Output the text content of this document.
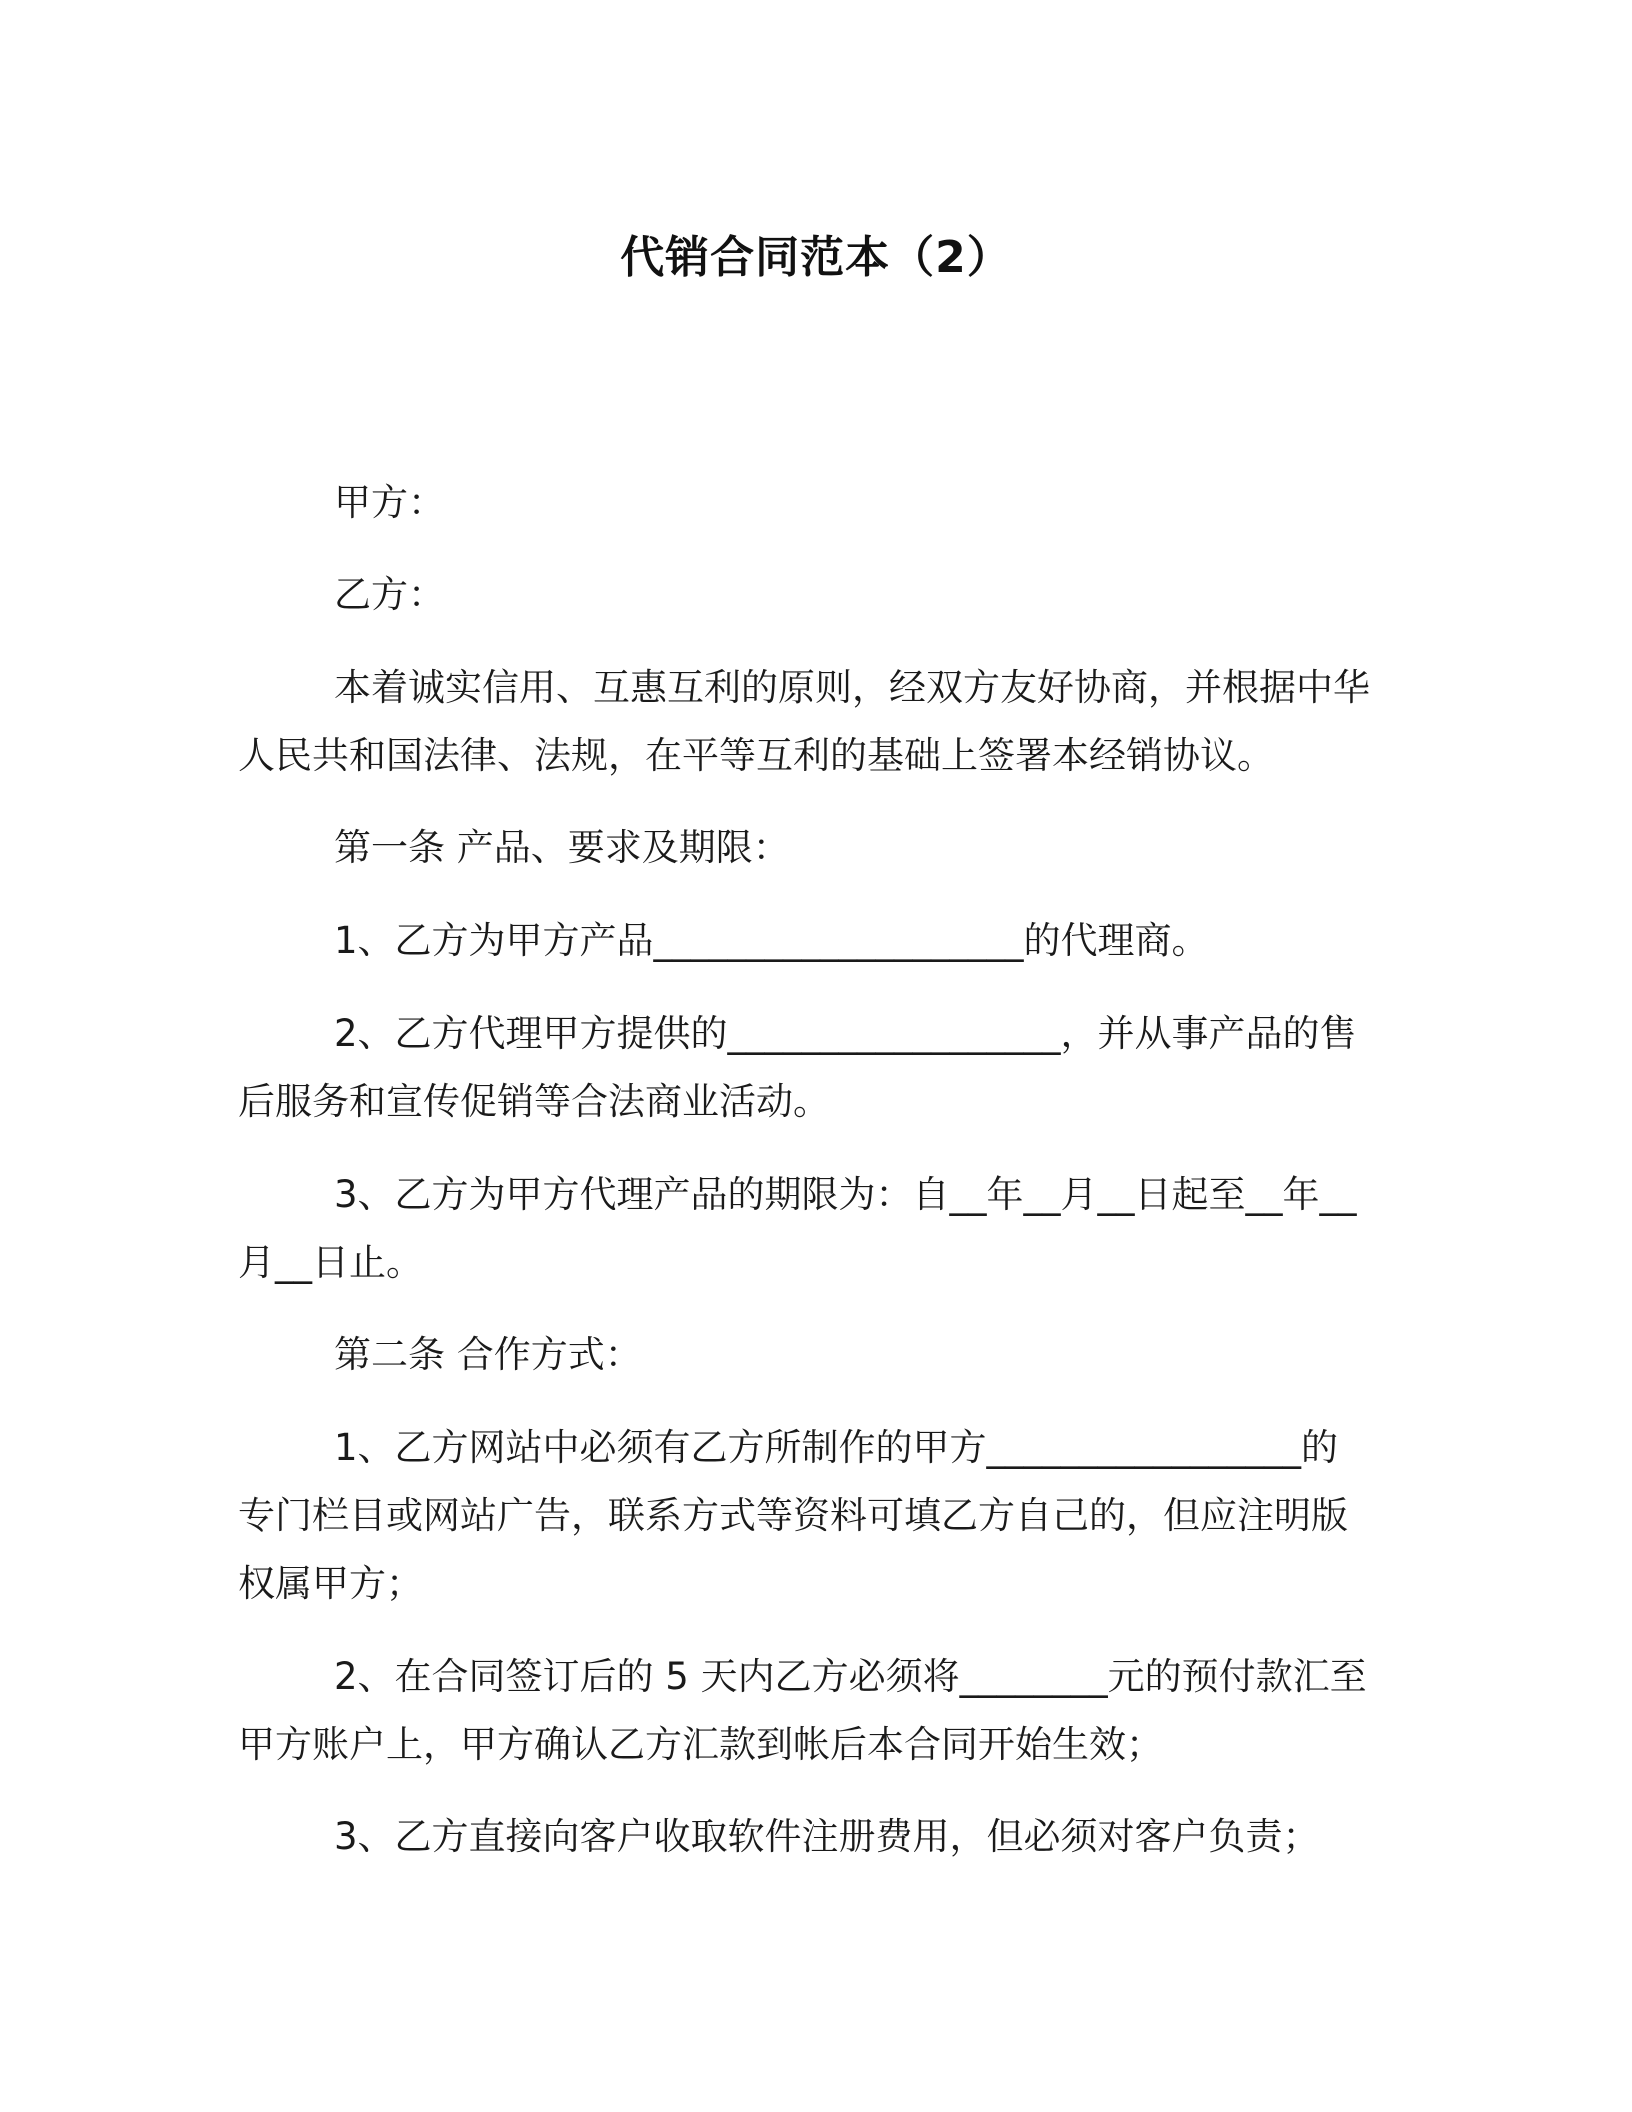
代销合同范本（2）
甲方：
乙方：
本着诚实信用、互惠互利的原则，经双方友好协商，并根据中华
人民共和国法律、法规，在平等互利的基础上签署本经销协议。
第一条 产品、要求及期限：
1、乙方为甲方产品____________________的代理商。
2、乙方代理甲方提供的__________________，并从事产品的售
后服务和宣传促销等合法商业活动。
3、乙方为甲方代理产品的期限为：自__年__月__日起至__年__
月__日止。
第二条 合作方式：
1、乙方网站中必须有乙方所制作的甲方_________________的
专门栏目或网站广告，联系方式等资料可填乙方自己的，但应注明版
权属甲方；
2、在合同签订后的 5 天内乙方必须将________元的预付款汇至
甲方账户上，甲方确认乙方汇款到帐后本合同开始生效；
3、乙方直接向客户收取软件注册费用，但必须对客户负责；
